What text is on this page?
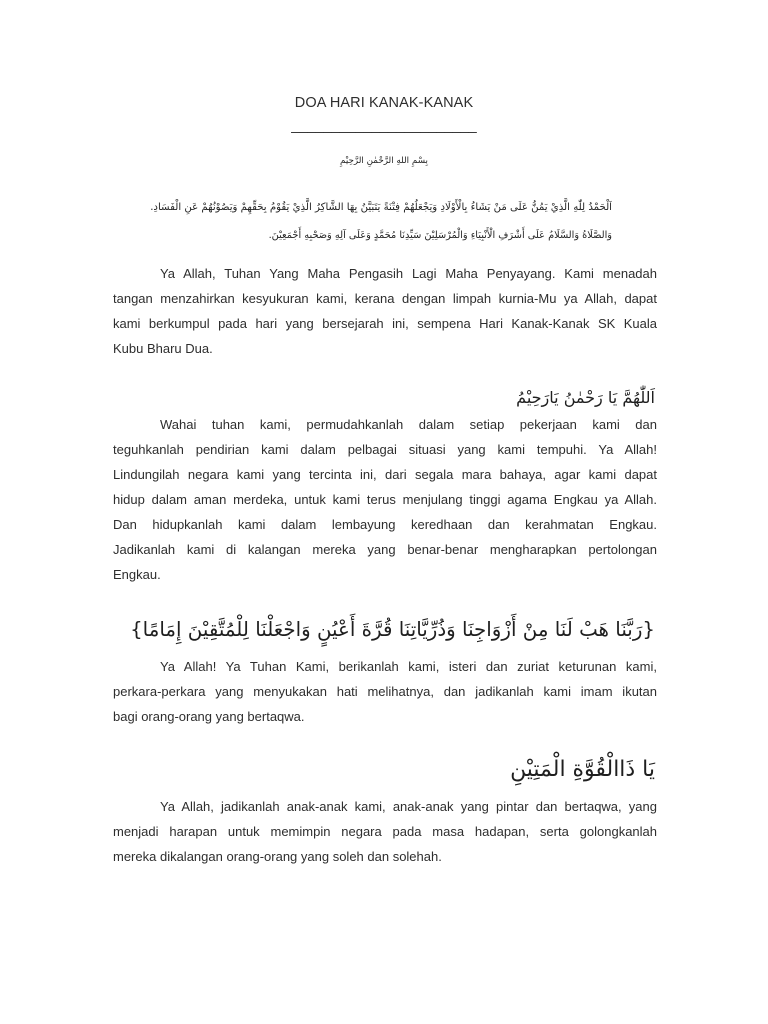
DOA HARI KANAK-KANAK
_______________________
بِسْمِ اللهِ الرَّحْمٰنِ الرَّحِيْمِ
اَلْحَمْدُ لِلّٰهِ الَّذِيْ يَمُنُّ عَلَى مَنْ يَشَاءُ بِالْأَوْلَادِ وَيَجْعَلُهُمْ فِتْنَةً يَتَبَيَّنُ بِهَا الشَّاكِرُ الَّذِيْ يَقُوْمُ بِحَقِّهِمْ وَيَصُوْنُهُمْ عَنِ الْفَسَادِ.
وَالصَّلَاةُ وَالسَّلَامُ عَلَى أَشْرَفِ الْأَنْبِيَاءِ وَالْمُرْسَلِيْنَ سَيِّدِنَا مُحَمَّدٍ وَعَلَى آلِهِ وَصَحْبِهِ أَجْمَعِيْنَ.
Ya Allah, Tuhan Yang Maha Pengasih Lagi Maha Penyayang. Kami menadah
tangan menzahirkan kesyukuran kami, kerana dengan limpah kurnia-Mu ya Allah, dapat
kami berkumpul pada hari yang bersejarah ini, sempena Hari Kanak-Kanak SK Kuala
Kubu Bharu Dua.
اَللّٰهُمَّ يَا رَحْمٰنُ يَارَحِيْمُ
Wahai tuhan kami, permudahkanlah dalam setiap pekerjaan kami dan
teguhkanlah pendirian kami dalam pelbagai situasi yang kami tempuhi. Ya Allah!
Lindungilah negara kami yang tercinta ini, dari segala mara bahaya, agar kami dapat
hidup dalam aman merdeka, untuk kami terus menjulang tinggi agama Engkau ya Allah.
Dan hidupkanlah kami dalam lembayung keredhaan dan kerahmatan Engkau.
Jadikanlah kami di kalangan mereka yang benar-benar mengharapkan pertolongan
Engkau.
{رَبَّنَا هَبْ لَنَا مِنْ أَزْوَاجِنَا وَذُرِّيَّاتِنَا قُرَّةَ أَعْيُنٍ وَاجْعَلْنَا لِلْمُتَّقِيْنَ إِمَامًا}
Ya Allah! Ya Tuhan Kami, berikanlah kami, isteri dan zuriat keturunan kami,
perkara-perkara yang menyukakan hati melihatnya, dan jadikanlah kami imam ikutan
bagi orang-orang yang bertaqwa.
يَا ذَاالْقُوَّةِ الْمَتِيْنِ
Ya Allah, jadikanlah anak-anak kami, anak-anak yang pintar dan bertaqwa, yang
menjadi harapan untuk memimpin negara pada masa hadapan, serta golongkanlah
mereka dikalangan orang-orang yang soleh dan solehah.
